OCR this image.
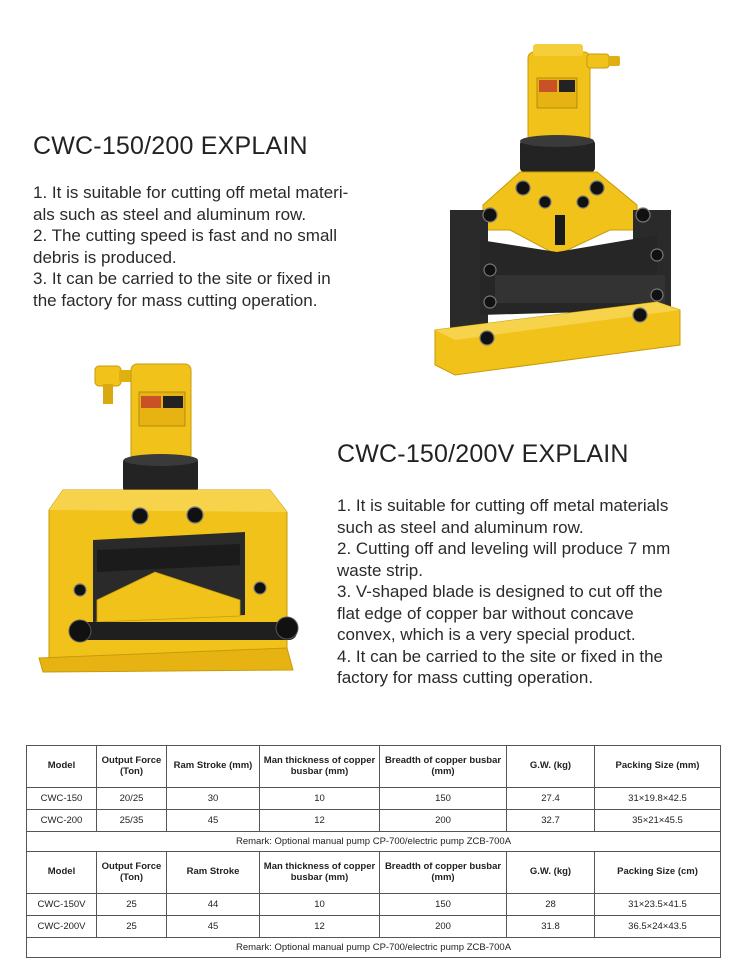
CWC-150/200 EXPLAIN
1. It is suitable for cutting off metal materi-
als such as steel and aluminum row.
2. The cutting speed is fast and no small
debris is produced.
3. It can be carried to the site or fixed in
the factory for mass cutting operation.
CWC-150/200V EXPLAIN
1. It is suitable for cutting off metal materials
such as steel and aluminum row.
2. Cutting off and leveling will produce 7 mm
waste strip.
3. V-shaped blade is designed to cut off the
flat edge of copper bar without concave
convex, which is a very special product.
4. It can be carried to the site or fixed in the
factory for mass cutting operation.
Model	Output Force (Ton)	Ram Stroke (mm)	Man thickness of copper busbar (mm)	Breadth of copper busbar (mm)	G.W. (kg)	Packing Size (mm)
CWC-150	20/25	30	10	150	27.4	31×19.8×42.5
CWC-200	25/35	45	12	200	32.7	35×21×45.5
Remark: Optional manual pump CP-700/electric pump ZCB-700A						
Model	Output Force (Ton)	Ram Stroke	Man thickness of copper busbar (mm)	Breadth of copper busbar (mm)	G.W. (kg)	Packing Size (cm)
CWC-150V	25	44	10	150	28	31×23.5×41.5
CWC-200V	25	45	12	200	31.8	36.5×24×43.5
Remark: Optional manual pump CP-700/electric pump ZCB-700A						
